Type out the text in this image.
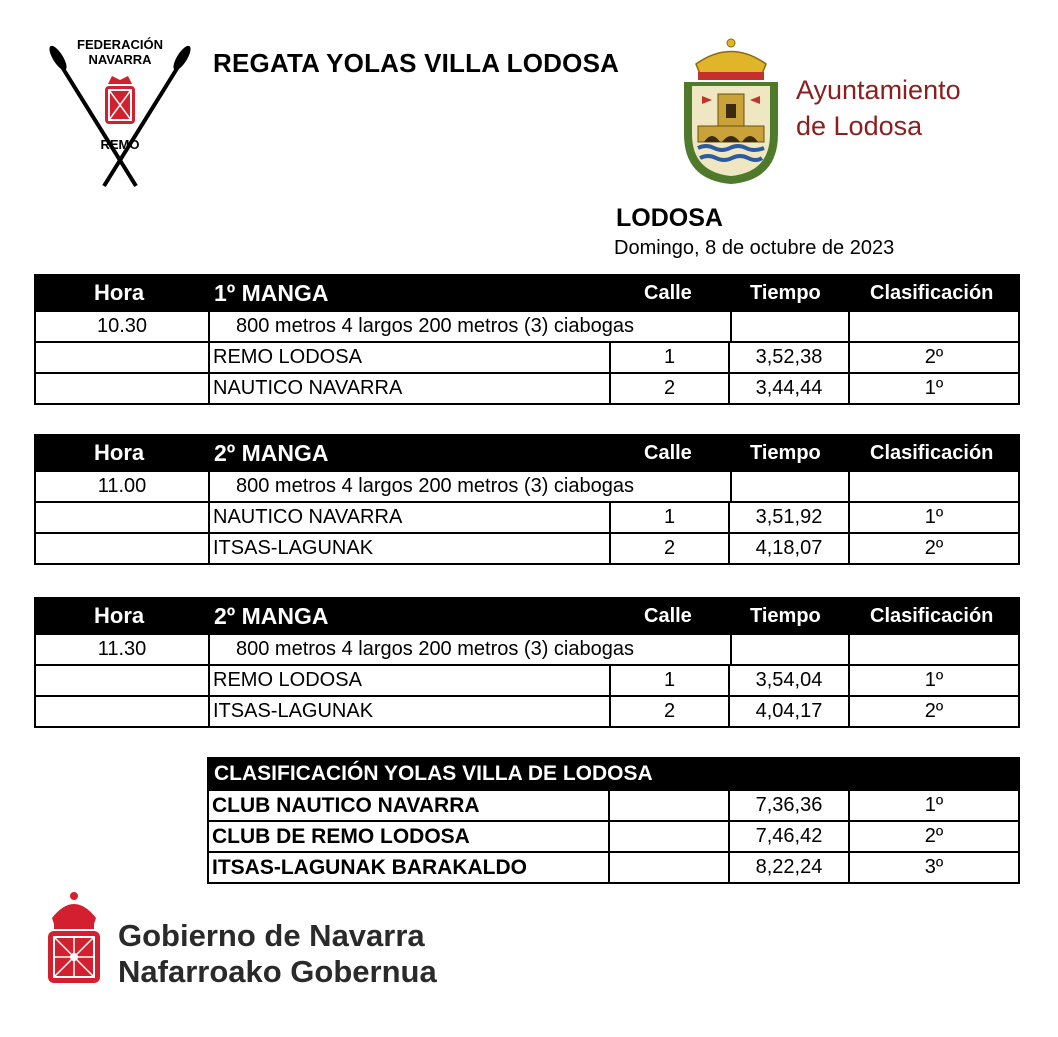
FEDERACIÓN
NAVARRA
REMO
REGATA YOLAS VILLA LODOSA
Ayuntamiento
de Lodosa
LODOSA
Domingo, 8 de octubre de 2023
Hora	1º MANGA	Calle	Tiempo Clasificación
10.30	800 metros 4 largos 200 metros (3) ciabogas
REMO LODOSA	1	3,52,38	2º
NAUTICO NAVARRA	2	3,44,44	1º
Hora	2º MANGA	Calle	Tiempo Clasificación
11.00	800 metros 4 largos 200 metros (3) ciabogas
NAUTICO NAVARRA	1	3,51,92	1º
ITSAS-LAGUNAK	2	4,18,07	2º
Hora	2º MANGA	Calle	Tiempo Clasificación
11.30	800 metros 4 largos 200 metros (3) ciabogas
REMO LODOSA	1	3,54,04	1º
ITSAS-LAGUNAK	2	4,04,17	2º
CLASIFICACIÓN YOLAS VILLA DE LODOSA
CLUB NAUTICO NAVARRA	7,36,36	1º
CLUB DE REMO LODOSA	7,46,42	2º
ITSAS-LAGUNAK BARAKALDO	8,22,24	3º
Gobierno de Navarra
Nafarroako Gobernua
